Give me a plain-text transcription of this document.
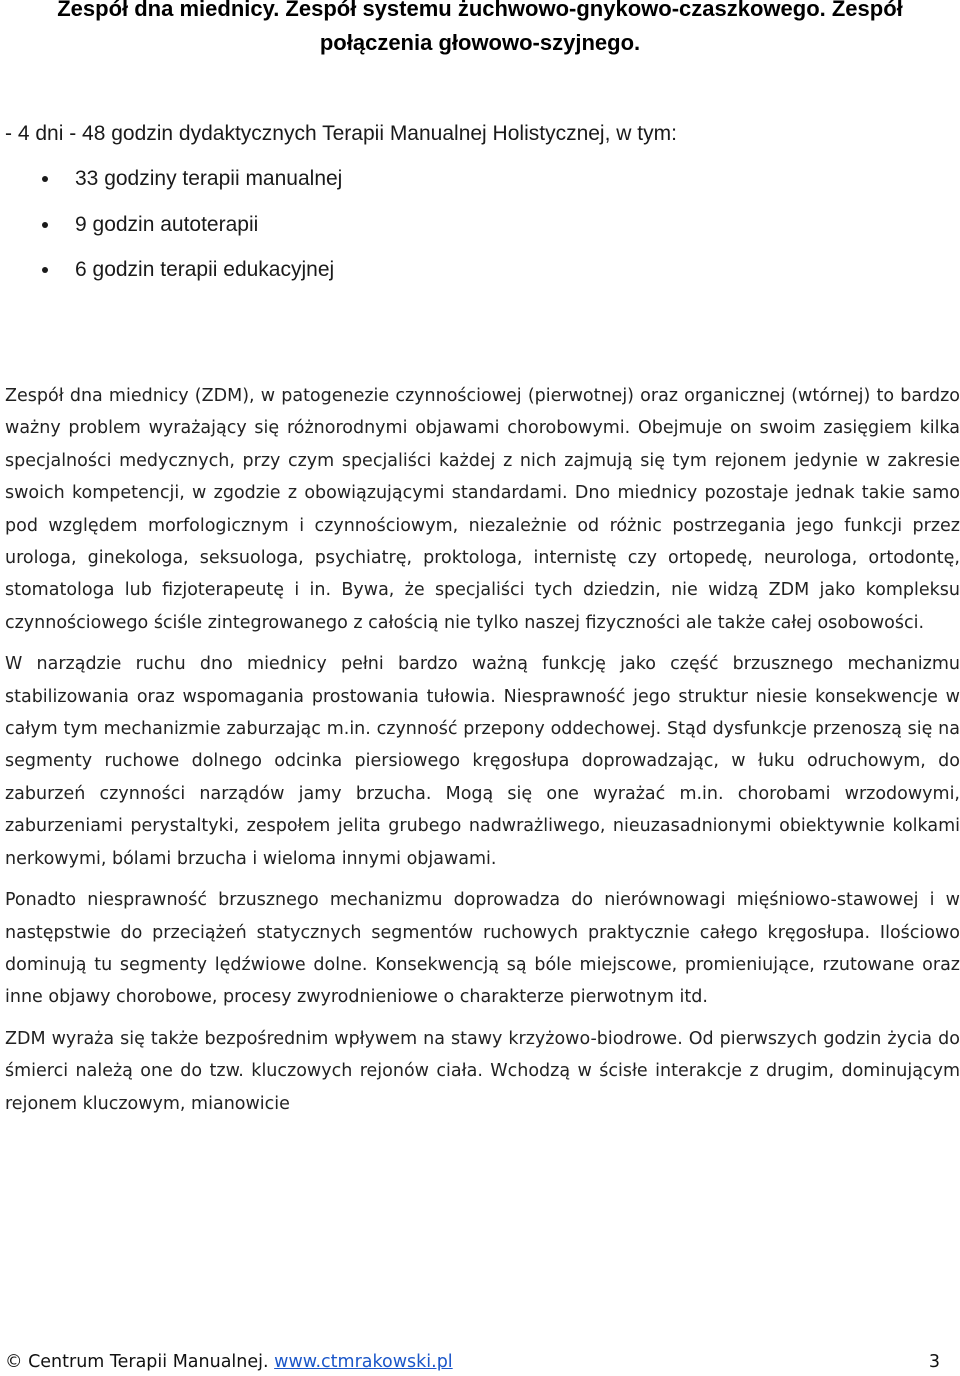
Zespół dna miednicy. Zespół systemu żuchwowo-gnykowo-czaszkowego. Zespół połączenia głowowo-szyjnego.

- 4 dni - 48 godzin dydaktycznych Terapii Manualnej Holistycznej, w tym:

33 godziny terapii manualnej
9 godzin autoterapii
6 godzin terapii edukacyjnej

Zespół dna miednicy (ZDM), w patogenezie czynnościowej (pierwotnej) oraz organicznej (wtórnej) to bardzo ważny problem wyrażający się różnorodnymi objawami chorobowymi. Obejmuje on swoim zasięgiem kilka specjalności medycznych, przy czym specjaliści każdej z nich zajmują się tym rejonem jedynie w zakresie swoich kompetencji, w zgodzie z obowiązującymi standardami. Dno miednicy pozostaje jednak takie samo pod względem morfologicznym i czynnościowym, niezależnie od różnic postrzegania jego funkcji przez urologa, ginekologa, seksuologa, psychiatrę, proktologa, internistę czy ortopedę, neurologa, ortodontę, stomatologa lub fizjoterapeutę i in. Bywa, że specjaliści tych dziedzin, nie widzą ZDM jako kompleksu czynnościowego ściśle zintegrowanego z całością nie tylko naszej fizyczności ale także całej osobowości.

W narządzie ruchu dno miednicy pełni bardzo ważną funkcję jako część brzusznego mechanizmu stabilizowania oraz wspomagania prostowania tułowia. Niesprawność jego struktur niesie konsekwencje w całym tym mechanizmie zaburzając m.in. czynność przepony oddechowej. Stąd dysfunkcje przenoszą się na segmenty ruchowe dolnego odcinka piersiowego kręgosłupa doprowadzając, w łuku odruchowym, do zaburzeń czynności narządów jamy brzucha. Mogą się one wyrażać m.in. chorobami wrzodowymi, zaburzeniami perystaltyki, zespołem jelita grubego nadwrażliwego, nieuzasadnionymi obiektywnie kolkami nerkowymi, bólami brzucha i wieloma innymi objawami.

Ponadto niesprawność brzusznego mechanizmu doprowadza do nierównowagi mięśniowo-stawowej i w następstwie do przeciążeń statycznych segmentów ruchowych praktycznie całego kręgosłupa. Ilościowo dominują tu segmenty lędźwiowe dolne. Konsekwencją są bóle miejscowe, promieniujące, rzutowane oraz inne objawy chorobowe, procesy zwyrodnieniowe o charakterze pierwotnym itd.

ZDM wyraża się także bezpośrednim wpływem na stawy krzyżowo-biodrowe. Od pierwszych godzin życia do śmierci należą one do tzw. kluczowych rejonów ciała. Wchodzą w ścisłe interakcje z drugim, dominującym rejonem kluczowym, mianowicie

© Centrum Terapii Manualnej. www.ctmrakowski.pl	3
